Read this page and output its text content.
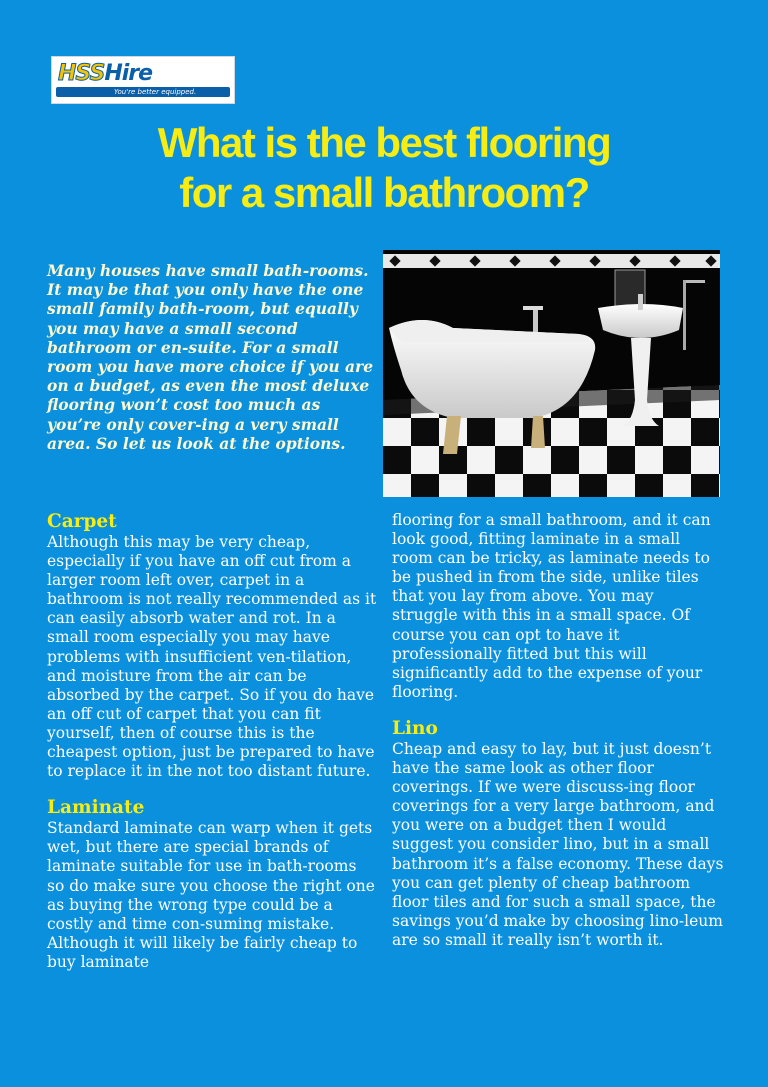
HSSHire
You're better equipped.
What is the best flooring
for a small bathroom?

Many houses have small bath-rooms. It may be that you only have the one small family bath-room, but equally you may have a small second bathroom or en-suite. For a small room you have more choice if you are on a budget, as even the most deluxe flooring won’t cost too much as you’re only cover-ing a very small area. So let us look at the options.

Carpet

Although this may be very cheap, especially if you have an off cut from a larger room left over, carpet in a bathroom is not really recommended as it can easily absorb water and rot. In a small room especially you may have problems with insufficient ven-tilation, and moisture from the air can be absorbed by the carpet. So if you do have an off cut of carpet that you can fit yourself, then of course this is the cheapest option, just be prepared to have to replace it in the not too distant future.

Laminate

Standard laminate can warp when it gets wet, but there are special brands of laminate suitable for use in bath-rooms so do make sure you choose the right one as buying the wrong type could be a costly and time con-suming mistake. Although it will likely be fairly cheap to buy laminate

flooring for a small bathroom, and it can look good, fitting laminate in a small room can be tricky, as laminate needs to be pushed in from the side, unlike tiles that you lay from above. You may struggle with this in a small space. Of course you can opt to have it professionally fitted but this will significantly add to the expense of your flooring.

Lino

Cheap and easy to lay, but it just doesn’t have the same look as other floor coverings. If we were discuss-ing floor coverings for a very large bathroom, and you were on a budget then I would suggest you consider lino, but in a small bathroom it’s a false economy. These days you can get plenty of cheap bathroom floor tiles and for such a small space, the savings you’d make by choosing lino-leum are so small it really isn’t worth it.
